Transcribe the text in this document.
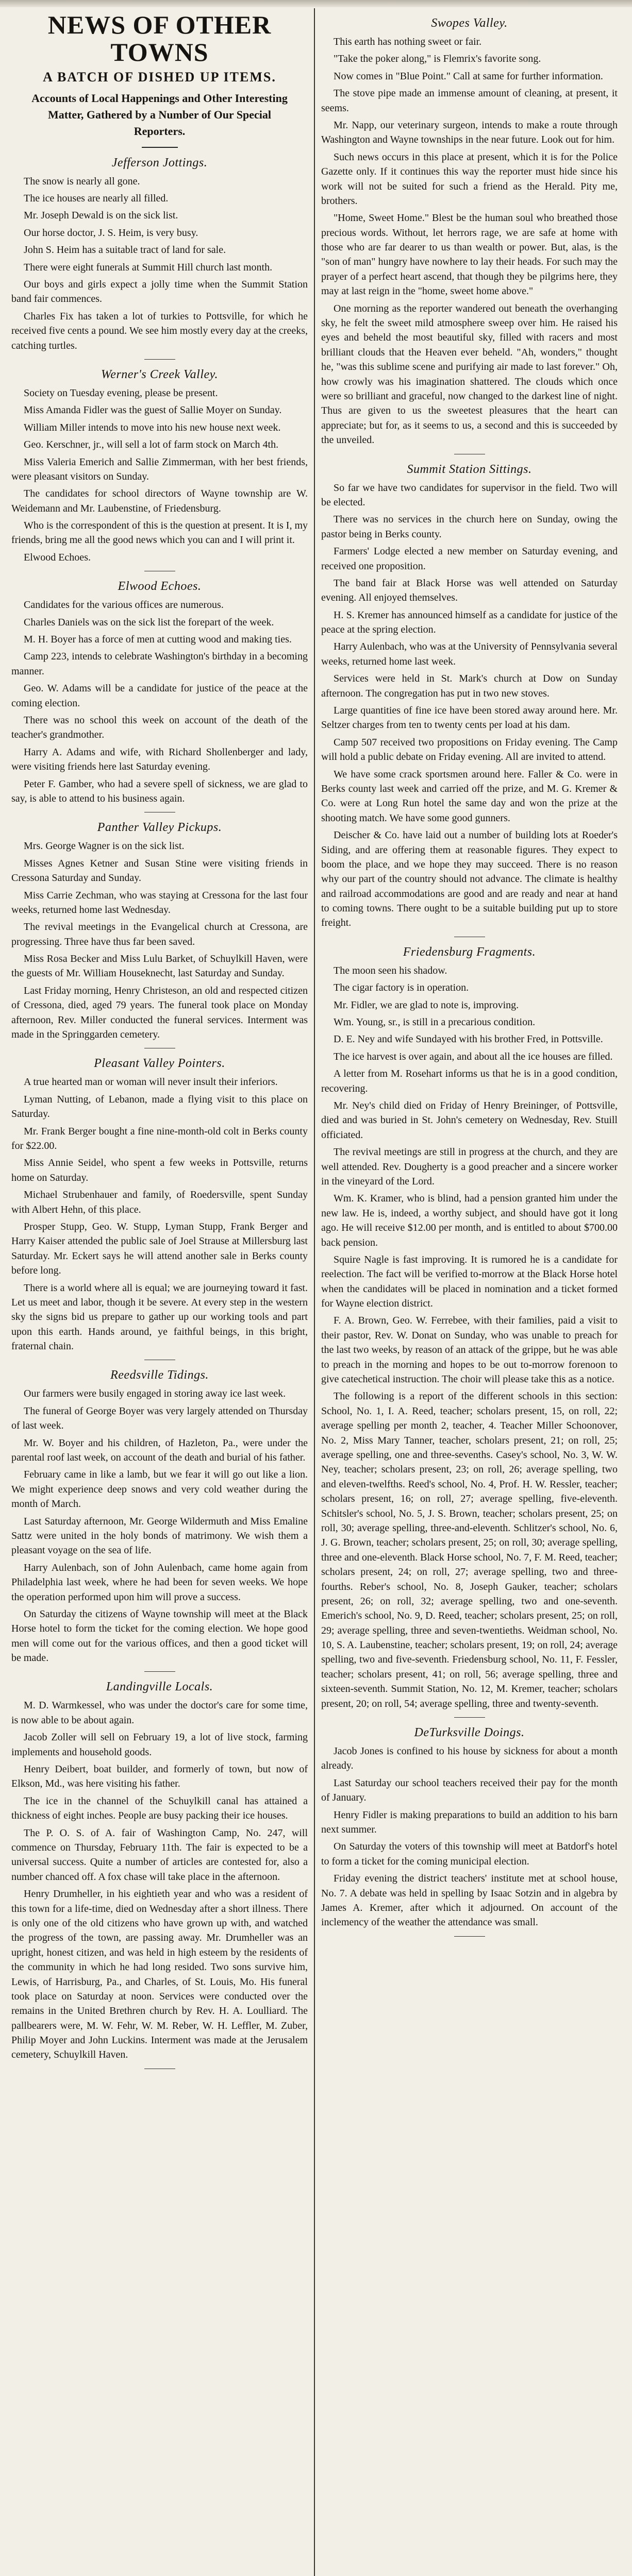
NEWS OF OTHER TOWNS
A BATCH OF DISHED UP ITEMS.
Accounts of Local Happenings and Other Interesting Matter, Gathered by a Number of Our Special Reporters.
Jefferson Jottings.

The snow is nearly all gone.

The ice houses are nearly all filled.

Mr. Joseph Dewald is on the sick list.

Our horse doctor, J. S. Heim, is very busy.

John S. Heim has a suitable tract of land for sale.

There were eight funerals at Summit Hill church last month.

Our boys and girls expect a jolly time when the Summit Station band fair commences.

Charles Fix has taken a lot of turkies to Pottsville, for which he received five cents a pound. We see him mostly every day at the creeks, catching turtles.

Werner's Creek Valley.

Society on Tuesday evening, please be present.

Miss Amanda Fidler was the guest of Sallie Moyer on Sunday.

William Miller intends to move into his new house next week.

Geo. Kerschner, jr., will sell a lot of farm stock on March 4th.

Miss Valeria Emerich and Sallie Zimmerman, with her best friends, were pleasant visitors on Sunday.

The candidates for school directors of Wayne township are W. Weidemann and Mr. Laubenstine, of Friedensburg.

Who is the correspondent of this is the question at present. It is I, my friends, bring me all the good news which you can and I will print it.

Elwood Echoes.

Elwood Echoes.

Candidates for the various offices are numerous.

Charles Daniels was on the sick list the forepart of the week.

M. H. Boyer has a force of men at cutting wood and making ties.

Camp 223, intends to celebrate Washington's birthday in a becoming manner.

Geo. W. Adams will be a candidate for justice of the peace at the coming election.

There was no school this week on account of the death of the teacher's grandmother.

Harry A. Adams and wife, with Richard Shollenberger and lady, were visiting friends here last Saturday evening.

Peter F. Gamber, who had a severe spell of sickness, we are glad to say, is able to attend to his business again.

Panther Valley Pickups.

Mrs. George Wagner is on the sick list.

Misses Agnes Ketner and Susan Stine were visiting friends in Cressona Saturday and Sunday.

Miss Carrie Zechman, who was staying at Cressona for the last four weeks, returned home last Wednesday.

The revival meetings in the Evangelical church at Cressona, are progressing. Three have thus far been saved.

Miss Rosa Becker and Miss Lulu Barket, of Schuylkill Haven, were the guests of Mr. William Houseknecht, last Saturday and Sunday.

Last Friday morning, Henry Christeson, an old and respected citizen of Cressona, died, aged 79 years. The funeral took place on Monday afternoon, Rev. Miller conducted the funeral services. Interment was made in the Springgarden cemetery.

Pleasant Valley Pointers.

A true hearted man or woman will never insult their inferiors.

Lyman Nutting, of Lebanon, made a flying visit to this place on Saturday.

Mr. Frank Berger bought a fine nine-month-old colt in Berks county for $22.00.

Miss Annie Seidel, who spent a few weeks in Pottsville, returns home on Saturday.

Michael Strubenhauer and family, of Roedersville, spent Sunday with Albert Hehn, of this place.

Prosper Stupp, Geo. W. Stupp, Lyman Stupp, Frank Berger and Harry Kaiser attended the public sale of Joel Strause at Millersburg last Saturday. Mr. Eckert says he will attend another sale in Berks county before long.

There is a world where all is equal; we are journeying toward it fast. Let us meet and labor, though it be severe. At every step in the western sky the signs bid us prepare to gather up our working tools and part upon this earth. Hands around, ye faithful beings, in this bright, fraternal chain.

Reedsville Tidings.

Our farmers were busily engaged in storing away ice last week.

The funeral of George Boyer was very largely attended on Thursday of last week.

Mr. W. Boyer and his children, of Hazleton, Pa., were under the parental roof last week, on account of the death and burial of his father.

February came in like a lamb, but we fear it will go out like a lion. We might experience deep snows and very cold weather during the month of March.

Last Saturday afternoon, Mr. George Wildermuth and Miss Emaline Sattz were united in the holy bonds of matrimony. We wish them a pleasant voyage on the sea of life.

Harry Aulenbach, son of John Aulenbach, came home again from Philadelphia last week, where he had been for seven weeks. We hope the operation performed upon him will prove a success.

On Saturday the citizens of Wayne township will meet at the Black Horse hotel to form the ticket for the coming election. We hope good men will come out for the various offices, and then a good ticket will be made.

Landingville Locals.

M. D. Warmkessel, who was under the doctor's care for some time, is now able to be about again.

Jacob Zoller will sell on February 19, a lot of live stock, farming implements and household goods.

Henry Deibert, boat builder, and formerly of town, but now of Elkson, Md., was here visiting his father.

The ice in the channel of the Schuylkill canal has attained a thickness of eight inches. People are busy packing their ice houses.

The P. O. S. of A. fair of Washington Camp, No. 247, will commence on Thursday, February 11th. The fair is expected to be a universal success. Quite a number of articles are contested for, also a number chanced off. A fox chase will take place in the afternoon.

Henry Drumheller, in his eightieth year and who was a resident of this town for a life-time, died on Wednesday after a short illness. There is only one of the old citizens who have grown up with, and watched the progress of the town, are passing away. Mr. Drumheller was an upright, honest citizen, and was held in high esteem by the residents of the community in which he had long resided. Two sons survive him, Lewis, of Harrisburg, Pa., and Charles, of St. Louis, Mo. His funeral took place on Saturday at noon. Services were conducted over the remains in the United Brethren church by Rev. H. A. Loulliard. The pallbearers were, M. W. Fehr, W. M. Reber, W. H. Leffler, M. Zuber, Philip Moyer and John Luckins. Interment was made at the Jerusalem cemetery, Schuylkill Haven.

Swopes Valley.

This earth has nothing sweet or fair.

"Take the poker along," is Flemrix's favorite song.

Now comes in "Blue Point." Call at same for further information.

The stove pipe made an immense amount of cleaning, at present, it seems.

Mr. Napp, our veterinary surgeon, intends to make a route through Washington and Wayne townships in the near future. Look out for him.

Such news occurs in this place at present, which it is for the Police Gazette only. If it continues this way the reporter must hide since his work will not be suited for such a friend as the Herald. Pity me, brothers.

"Home, Sweet Home." Blest be the human soul who breathed those precious words. Without, let herrors rage, we are safe at home with those who are far dearer to us than wealth or power. But, alas, is the "son of man" hungry have nowhere to lay their heads. For such may the prayer of a perfect heart ascend, that though they be pilgrims here, they may at last reign in the "home, sweet home above."

One morning as the reporter wandered out beneath the overhanging sky, he felt the sweet mild atmosphere sweep over him. He raised his eyes and beheld the most beautiful sky, filled with racers and most brilliant clouds that the Heaven ever beheld. "Ah, wonders," thought he, "was this sublime scene and purifying air made to last forever." Oh, how crowly was his imagination shattered. The clouds which once were so brilliant and graceful, now changed to the darkest line of night. Thus are given to us the sweetest pleasures that the heart can appreciate; but for, as it seems to us, a second and this is succeeded by the unveiled.

Summit Station Sittings.

So far we have two candidates for supervisor in the field. Two will be elected.

There was no services in the church here on Sunday, owing the pastor being in Berks county.

Farmers' Lodge elected a new member on Saturday evening, and received one proposition.

The band fair at Black Horse was well attended on Saturday evening. All enjoyed themselves.

H. S. Kremer has announced himself as a candidate for justice of the peace at the spring election.

Harry Aulenbach, who was at the University of Pennsylvania several weeks, returned home last week.

Services were held in St. Mark's church at Dow on Sunday afternoon. The congregation has put in two new stoves.

Large quantities of fine ice have been stored away around here. Mr. Seltzer charges from ten to twenty cents per load at his dam.

Camp 507 received two propositions on Friday evening. The Camp will hold a public debate on Friday evening. All are invited to attend.

We have some crack sportsmen around here. Faller & Co. were in Berks county last week and carried off the prize, and M. G. Kremer & Co. were at Long Run hotel the same day and won the prize at the shooting match. We have some good gunners.

Deischer & Co. have laid out a number of building lots at Roeder's Siding, and are offering them at reasonable figures. They expect to boom the place, and we hope they may succeed. There is no reason why our part of the country should not advance. The climate is healthy and railroad accommodations are good and are ready and near at hand to coming towns. There ought to be a suitable building put up to store freight.

Friedensburg Fragments.

The moon seen his shadow.

The cigar factory is in operation.

Mr. Fidler, we are glad to note is, improving.

Wm. Young, sr., is still in a precarious condition.

D. E. Ney and wife Sundayed with his brother Fred, in Pottsville.

The ice harvest is over again, and about all the ice houses are filled.

A letter from M. Rosehart informs us that he is in a good condition, recovering.

Mr. Ney's child died on Friday of Henry Breininger, of Pottsville, died and was buried in St. John's cemetery on Wednesday, Rev. Stuill officiated.

The revival meetings are still in progress at the church, and they are well attended. Rev. Dougherty is a good preacher and a sincere worker in the vineyard of the Lord.

Wm. K. Kramer, who is blind, had a pension granted him under the new law. He is, indeed, a worthy subject, and should have got it long ago. He will receive $12.00 per month, and is entitled to about $700.00 back pension.

Squire Nagle is fast improving. It is rumored he is a candidate for reelection. The fact will be verified to-morrow at the Black Horse hotel when the candidates will be placed in nomination and a ticket formed for Wayne election district.

F. A. Brown, Geo. W. Ferrebee, with their families, paid a visit to their pastor, Rev. W. Donat on Sunday, who was unable to preach for the last two weeks, by reason of an attack of the grippe, but he was able to preach in the morning and hopes to be out to-morrow forenoon to give catechetical instruction. The choir will please take this as a notice.

The following is a report of the different schools in this section: School, No. 1, I. A. Reed, teacher; scholars present, 15, on roll, 22; average spelling per month 2, teacher, 4. Teacher Miller Schoonover, No. 2, Miss Mary Tanner, teacher, scholars present, 21; on roll, 25; average spelling, one and three-sevenths. Casey's school, No. 3, W. W. Ney, teacher; scholars present, 23; on roll, 26; average spelling, two and eleven-twelfths. Reed's school, No. 4, Prof. H. W. Ressler, teacher; scholars present, 16; on roll, 27; average spelling, five-eleventh. Schitsler's school, No. 5, J. S. Brown, teacher; scholars present, 25; on roll, 30; average spelling, three-and-eleventh. Schlitzer's school, No. 6, J. G. Brown, teacher; scholars present, 25; on roll, 30; average spelling, three and one-eleventh. Black Horse school, No. 7, F. M. Reed, teacher; scholars present, 24; on roll, 27; average spelling, two and three-fourths. Reber's school, No. 8, Joseph Gauker, teacher; scholars present, 26; on roll, 32; average spelling, two and one-seventh. Emerich's school, No. 9, D. Reed, teacher; scholars present, 25; on roll, 29; average spelling, three and seven-twentieths. Weidman school, No. 10, S. A. Laubenstine, teacher; scholars present, 19; on roll, 24; average spelling, two and five-seventh. Friedensburg school, No. 11, F. Fessler, teacher; scholars present, 41; on roll, 56; average spelling, three and sixteen-seventh. Summit Station, No. 12, M. Kremer, teacher; scholars present, 20; on roll, 54; average spelling, three and twenty-seventh.

DeTurksville Doings.

Jacob Jones is confined to his house by sickness for about a month already.

Last Saturday our school teachers received their pay for the month of January.

Henry Fidler is making preparations to build an addition to his barn next summer.

On Saturday the voters of this township will meet at Batdorf's hotel to form a ticket for the coming municipal election.

Friday evening the district teachers' institute met at school house, No. 7. A debate was held in spelling by Isaac Sotzin and in algebra by James A. Kremer, after which it adjourned. On account of the inclemency of the weather the attendance was small.
